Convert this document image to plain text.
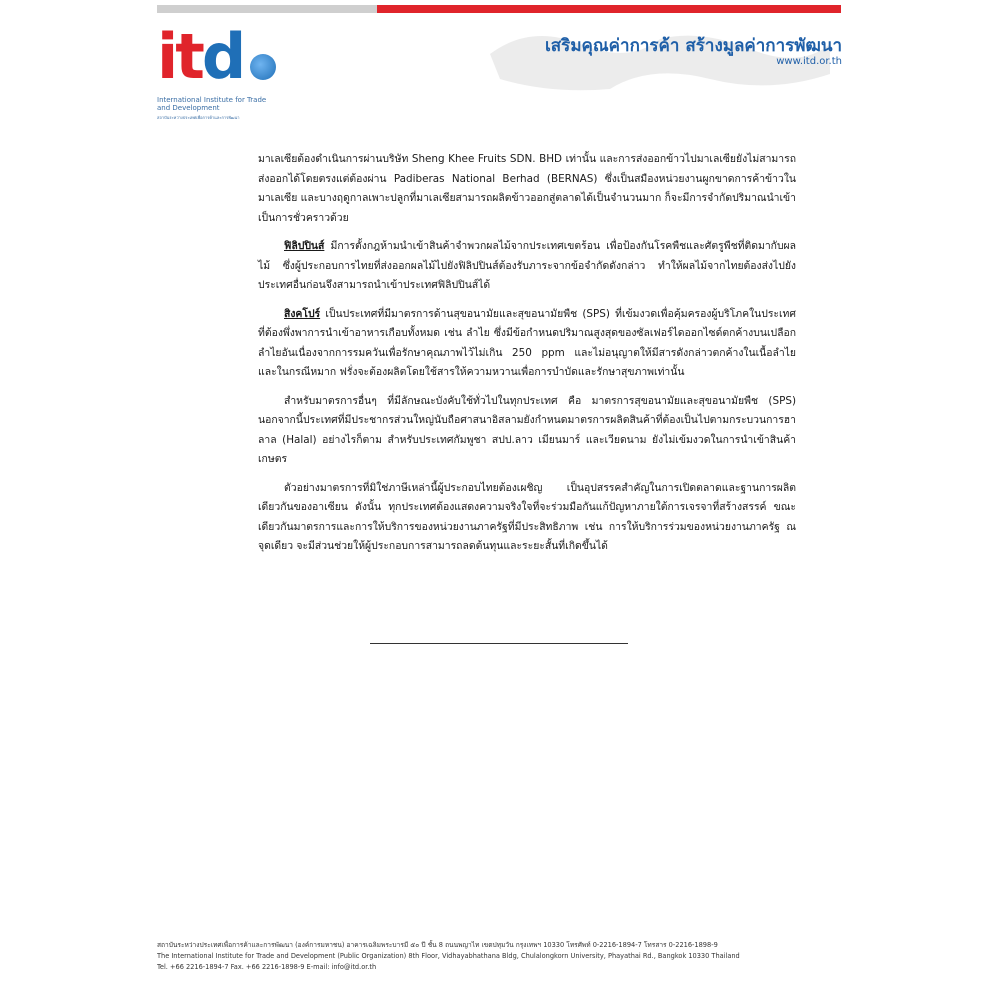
itd
International Institute for Trade and Development
สถาบันระหว่างประเทศเพื่อการค้าและการพัฒนา
เสริมคุณค่าการค้า สร้างมูลค่าการพัฒนา
www.itd.or.th

มาเลเซียต้องดำเนินการผ่านบริษัท Sheng Khee Fruits SDN. BHD เท่านั้น และการส่งออกข้าวไปมาเลเซียยังไม่สามารถส่งออกได้โดยตรงแต่ต้องผ่าน Padiberas National Berhad (BERNAS) ซึ่งเป็นสมืองหน่วยงานผูกขาดการค้าข้าวในมาเลเซีย และบางฤดูกาลเพาะปลูกที่มาเลเซียสามารถผลิตข้าวออกสู่ตลาดได้เป็นจำนวนมาก ก็จะมีการจำกัดปริมาณนำเข้าเป็นการชั่วคราวด้วย

ฟิลิปปินส์ มีการตั้งกฎห้ามนำเข้าสินค้าจำพวกผลไม้จากประเทศเขตร้อน เพื่อป้องกันโรคพืชและศัตรูพืชที่ติดมากับผลไม้ ซึ่งผู้ประกอบการไทยที่ส่งออกผลไม้ไปยังฟิลิปปินส์ต้องรับภาระจากข้อจำกัดดังกล่าว ทำให้ผลไม้จากไทยต้องส่งไปยังประเทศอื่นก่อนจึงสามารถนำเข้าประเทศฟิลิปปินส์ได้

สิงคโปร์ เป็นประเทศที่มีมาตรการด้านสุขอนามัยและสุขอนามัยพืช (SPS) ที่เข้มงวดเพื่อคุ้มครองผู้บริโภคในประเทศที่ต้องพึ่งพาการนำเข้าอาหารเกือบทั้งหมด เช่น ลำไย ซึ่งมีข้อกำหนดปริมาณสูงสุดของซัลเฟอร์ไดออกไซด์ตกค้างบนเปลือกลำไยอันเนื่องจากการรมควันเพื่อรักษาคุณภาพไว้ไม่เกิน 250 ppm และไม่อนุญาตให้มีสารดังกล่าวตกค้างในเนื้อลำไย และในกรณีหมาก ฟรั่งจะต้องผลิตโดยใช้สารให้ความหวานเพื่อการบำบัดและรักษาสุขภาพเท่านั้น

สำหรับมาตรการอื่นๆ ที่มีลักษณะบังคับใช้ทั่วไปในทุกประเทศ คือ มาตรการสุขอนามัยและสุขอนามัยพืช (SPS) นอกจากนี้ประเทศที่มีประชากรส่วนใหญ่นับถือศาสนาอิสลามยังกำหนดมาตรการผลิตสินค้าที่ต้องเป็นไปตามกระบวนการฮาลาล (Halal) อย่างไรก็ตาม สำหรับประเทศกัมพูชา สปป.ลาว เมียนมาร์ และเวียดนาม ยังไม่เข้มงวดในการนำเข้าสินค้าเกษตร

ตัวอย่างมาตรการที่มิใช่ภาษีเหล่านี้ผู้ประกอบไทยต้องเผชิญ เป็นอุปสรรคสำคัญในการเปิดตลาดและฐานการผลิตเดียวกันของอาเซียน ดังนั้น ทุกประเทศต้องแสดงความจริงใจที่จะร่วมมือกันแก้ปัญหาภายใต้การเจรจาที่สร้างสรรค์ ขณะเดียวกันมาตรการและการให้บริการของหน่วยงานภาครัฐที่มีประสิทธิภาพ เช่น การให้บริการร่วมของหน่วยงานภาครัฐ ณ จุดเดียว จะมีส่วนช่วยให้ผู้ประกอบการสามารถลดต้นทุนและระยะสั้นที่เกิดขึ้นได้

สถาบันระหว่างประเทศเพื่อการค้าและการพัฒนา (องค์การมหาชน) อาคารเฉลิมพระบารมี ๕๐ ปี ชั้น 8 ถนนพญาไท เขตปทุมวัน กรุงเทพฯ 10330 โทรศัพท์ 0-2216-1894-7 โทรสาร 0-2216-1898-9
The International Institute for Trade and Development (Public Organization) 8th Floor, Vidhayabhathana Bldg, Chulalongkorn University, Phayathai Rd., Bangkok 10330 Thailand
Tel. +66 2216-1894-7 Fax. +66 2216-1898-9 E-mail: info@itd.or.th
